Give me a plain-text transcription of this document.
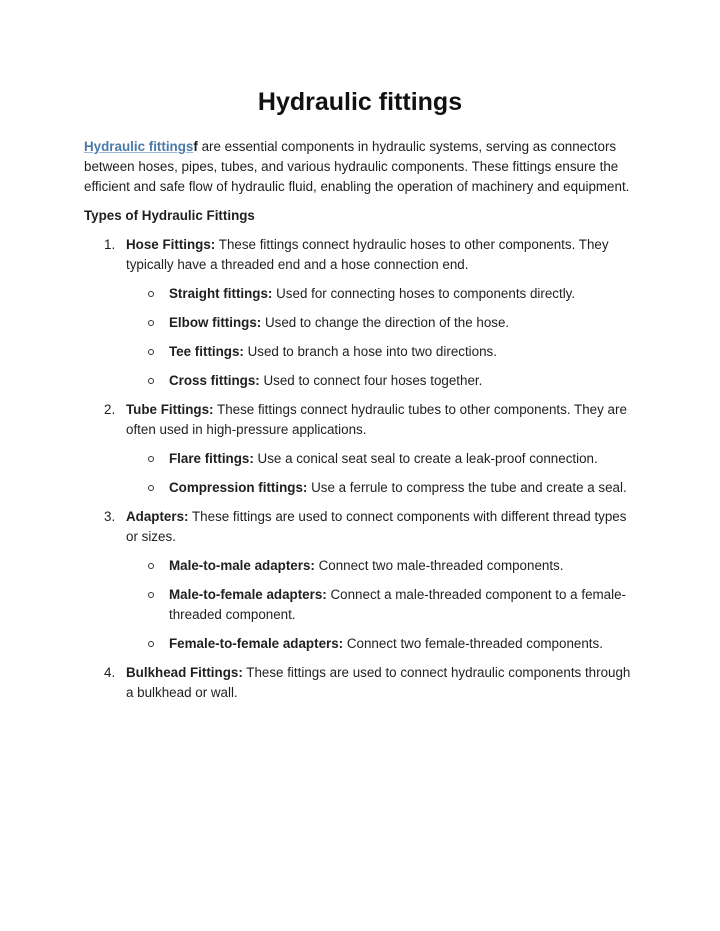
Hydraulic fittings

Hydraulic fittingsf are essential components in hydraulic systems, serving as connectors between hoses, pipes, tubes, and various hydraulic components. These fittings ensure the efficient and safe flow of hydraulic fluid, enabling the operation of machinery and equipment.

Types of Hydraulic Fittings

1. Hose Fittings: These fittings connect hydraulic hoses to other components. They typically have a threaded end and a hose connection end.
Straight fittings: Used for connecting hoses to components directly.
Elbow fittings: Used to change the direction of the hose.
Tee fittings: Used to branch a hose into two directions.
Cross fittings: Used to connect four hoses together.
2. Tube Fittings: These fittings connect hydraulic tubes to other components. They are often used in high-pressure applications.
Flare fittings: Use a conical seat seal to create a leak-proof connection.
Compression fittings: Use a ferrule to compress the tube and create a seal.
3. Adapters: These fittings are used to connect components with different thread types or sizes.
Male-to-male adapters: Connect two male-threaded components.
Male-to-female adapters: Connect a male-threaded component to a female-threaded component.
Female-to-female adapters: Connect two female-threaded components.
4. Bulkhead Fittings: These fittings are used to connect hydraulic components through a bulkhead or wall.
